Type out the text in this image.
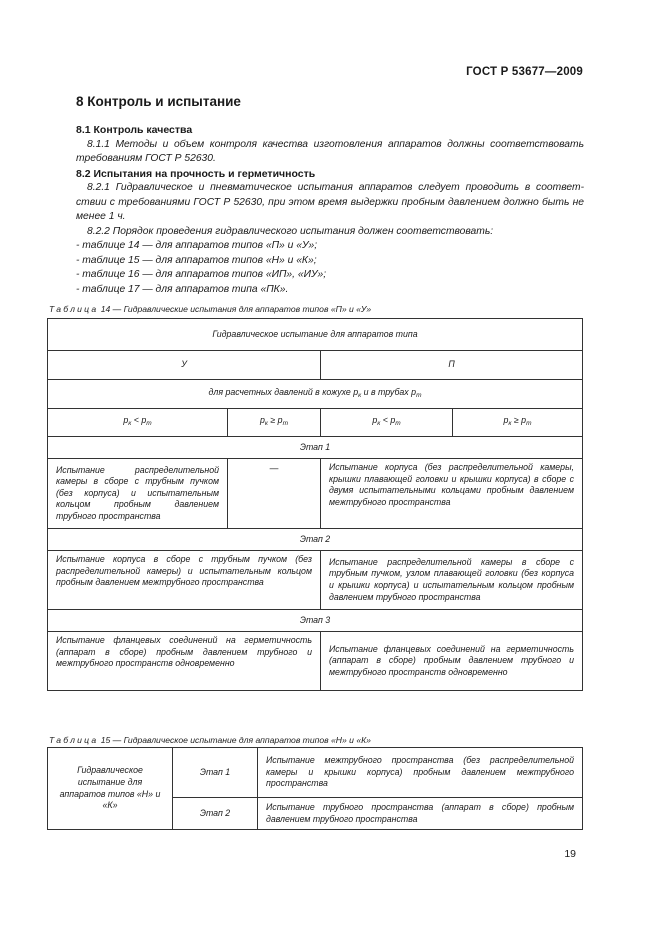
ГОСТ Р 53677—2009
8 Контроль и испытание

8.1 Контроль качества

8.1.1 Методы и объем контроля качества изготовления аппаратов должны соответствовать требованиям ГОСТ Р 52630.

8.2 Испытания на прочность и герметичность

8.2.1 Гидравлическое и пневматическое испытания аппаратов следует проводить в соответствии с требованиями ГОСТ Р 52630, при этом время выдержки пробным давлением должно быть не менее 1 ч.

8.2.2 Порядок проведения гидравлического испытания должен соответствовать:

- таблице 14 — для аппаратов типов «П» и «У»;

- таблице 15 — для аппаратов типов «Н» и «К»;

- таблице 16 — для аппаратов типов «ИП», «ИУ»;

- таблице 17 — для аппаратов типа «ПК».

Таблица 14 — Гидравлические испытания для аппаратов типов «П» и «У»
Гидравлическое испытание для аппаратов типа			
У		П	
для расчетных давлений в кожухе $p_к$ и в трубах $p_т$
$p_к < p_т$	$p_к \ge p_т$	$p_к < p_т$	$p_к \ge p_т$
Этап 1			
Испытание распределительной камеры в сборе с трубным пучком (без корпуса) и испытательным кольцом пробным давлением трубного пространства	—	Испытание корпуса (без распределительной камеры, крышки плавающей головки и крышки корпуса) в сборе с двумя испытательными кольцами пробным давлением межтрубного пространства	
Этап 2			
Испытание корпуса в сборе с трубным пучком (без распределительной камеры) и испытательным кольцом пробным давлением межтрубного пространства		Испытание распределительной камеры в сборе с трубным пучком, узлом плавающей головки (без корпуса и крышки корпуса) и испытательным кольцом пробным давлением трубного пространства	
Этап 3			
Испытание фланцевых соединений на герметичность (аппарат в сборе) пробным давлением трубного и межтрубного пространств одновременно		Испытание фланцевых соединений на герметичность (аппарат в сборе) пробным давлением трубного и межтрубного пространств одновременно	
Таблица 15 — Гидравлическое испытание для аппаратов типов «Н» и «К»
Гидравлическое испытание для аппаратов типов «Н» и «К»	Этап 1	Испытание межтрубного пространства (без распределительной камеры и крышки корпуса) пробным давлением межтрубного пространства
	Этап 2	Испытание трубного пространства (аппарат в сборе) пробным давлением трубного пространства
19
